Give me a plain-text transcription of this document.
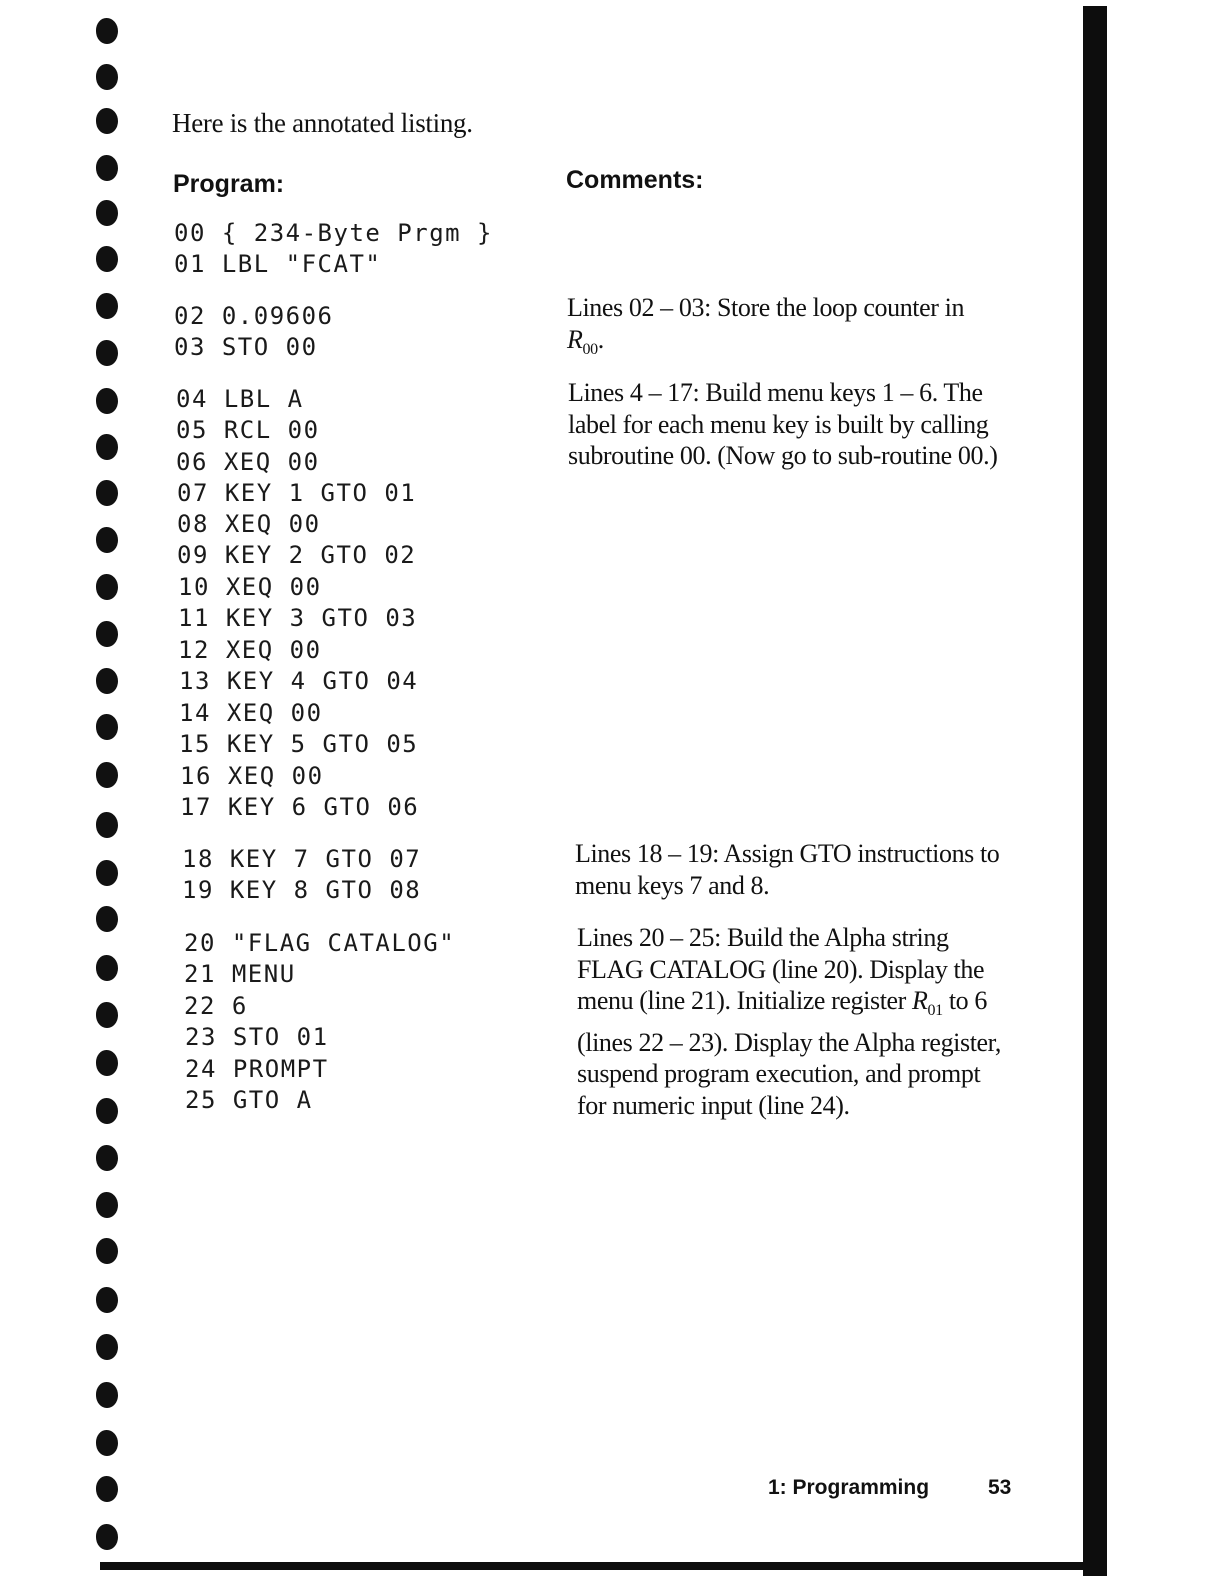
Here is the annotated listing.
Program:	Comments:
00 { 234-Byte Prgm }
01 LBL "FCAT"
02 0.09606
03 STO 00
04 LBL A
05 RCL 00
06 XEQ 00
07 KEY 1 GTO 01
08 XEQ 00
09 KEY 2 GTO 02
10 XEQ 00
11 KEY 3 GTO 03
12 XEQ 00
13 KEY 4 GTO 04
14 XEQ 00
15 KEY 5 GTO 05
16 XEQ 00
17 KEY 6 GTO 06
18 KEY 7 GTO 07
19 KEY 8 GTO 08
20 "FLAG CATALOG"
21 MENU
22 6
23 STO 01
24 PROMPT
25 GTO A
Lines 02 – 03: Store the loop counter in $R_{00}$.
Lines 4 – 17: Build menu keys 1 – 6. The label for each menu key is built by calling subroutine 00. (Now go to sub-routine 00.)
Lines 18 – 19: Assign GTO instructions to menu keys 7 and 8.
Lines 20 – 25: Build the Alpha string FLAG CATALOG (line 20). Display the menu (line 21). Initialize register $R_{01}$ to 6 (lines 22 – 23). Display the Alpha register, suspend program execution, and prompt for numeric input (line 24).
1: Programming	53
